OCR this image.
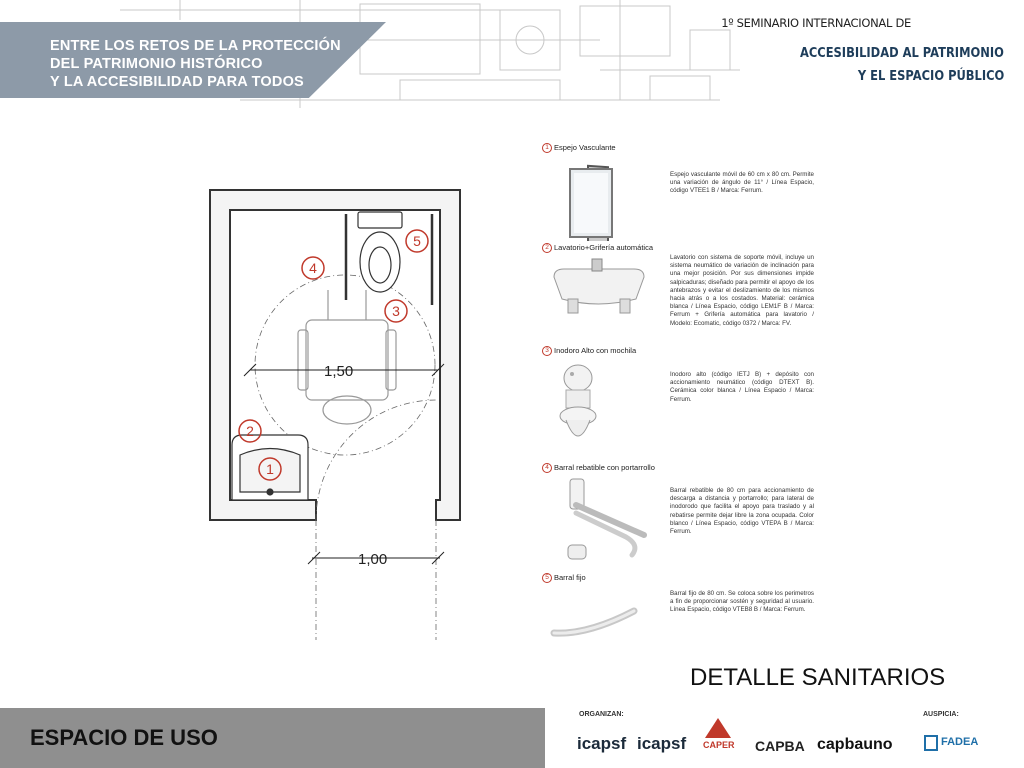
ENTRE LOS RETOS DE LA PROTECCIÓN
DEL PATRIMONIO HISTÓRICO
Y LA ACCESIBILIDAD PARA TODOS
1º SEMINARIO INTERNACIONAL DE
ACCESIBILIDAD AL PATRIMONIO
Y EL ESPACIO PÚBLICO
1,50
1,00
1
2
3
4
5
1 Espejo Vasculante
Espejo vasculante móvil de 60 cm x 80 cm. Permite una variación de ángulo de 11° / Línea Espacio, código VTEE1 B / Marca: Ferrum.
2 Lavatorio+Grifería automática
Lavatorio con sistema de soporte móvil, incluye un sistema neumático de variación de inclinación para una mejor posición. Por sus dimensiones impide salpicaduras; diseñado para permitir el apoyo de los antebrazos y evitar el deslizamiento de los mismos hacia atrás o a los costados. Material: cerámica blanca / Línea Espacio, código LEM1F B / Marca: Ferrum + Grifería automática para lavatorio / Modelo: Ecomatic, código 0372 / Marca: FV.
3 Inodoro Alto con mochila
Inodoro alto (código IETJ B) + depósito con accionamiento neumático (código DTEXT B). Cerámica color blanca / Línea Espacio / Marca: Ferrum.
4 Barral rebatible con portarrollo
Barral rebatible de 80 cm para accionamiento de descarga a distancia y portarrollo; para lateral de inodorodo que facilita el apoyo para traslado y al rebatirse permite dejar libre la zona ocupada. Color blanco / Línea Espacio, código VTEPA B / Marca: Ferrum.
5 Barral fijo
Barral fijo de 80 cm. Se coloca sobre los perimetros a fin de proporcionar sostén y seguridad al usuario. Línea Espacio, código VTEB8 B / Marca: Ferrum.
DETALLE SANITARIOS
ESPACIO DE USO
ORGANIZAN:	AUSPICIA:
icapsf icapsf CAPER CAPBA capbauno	FADEA
